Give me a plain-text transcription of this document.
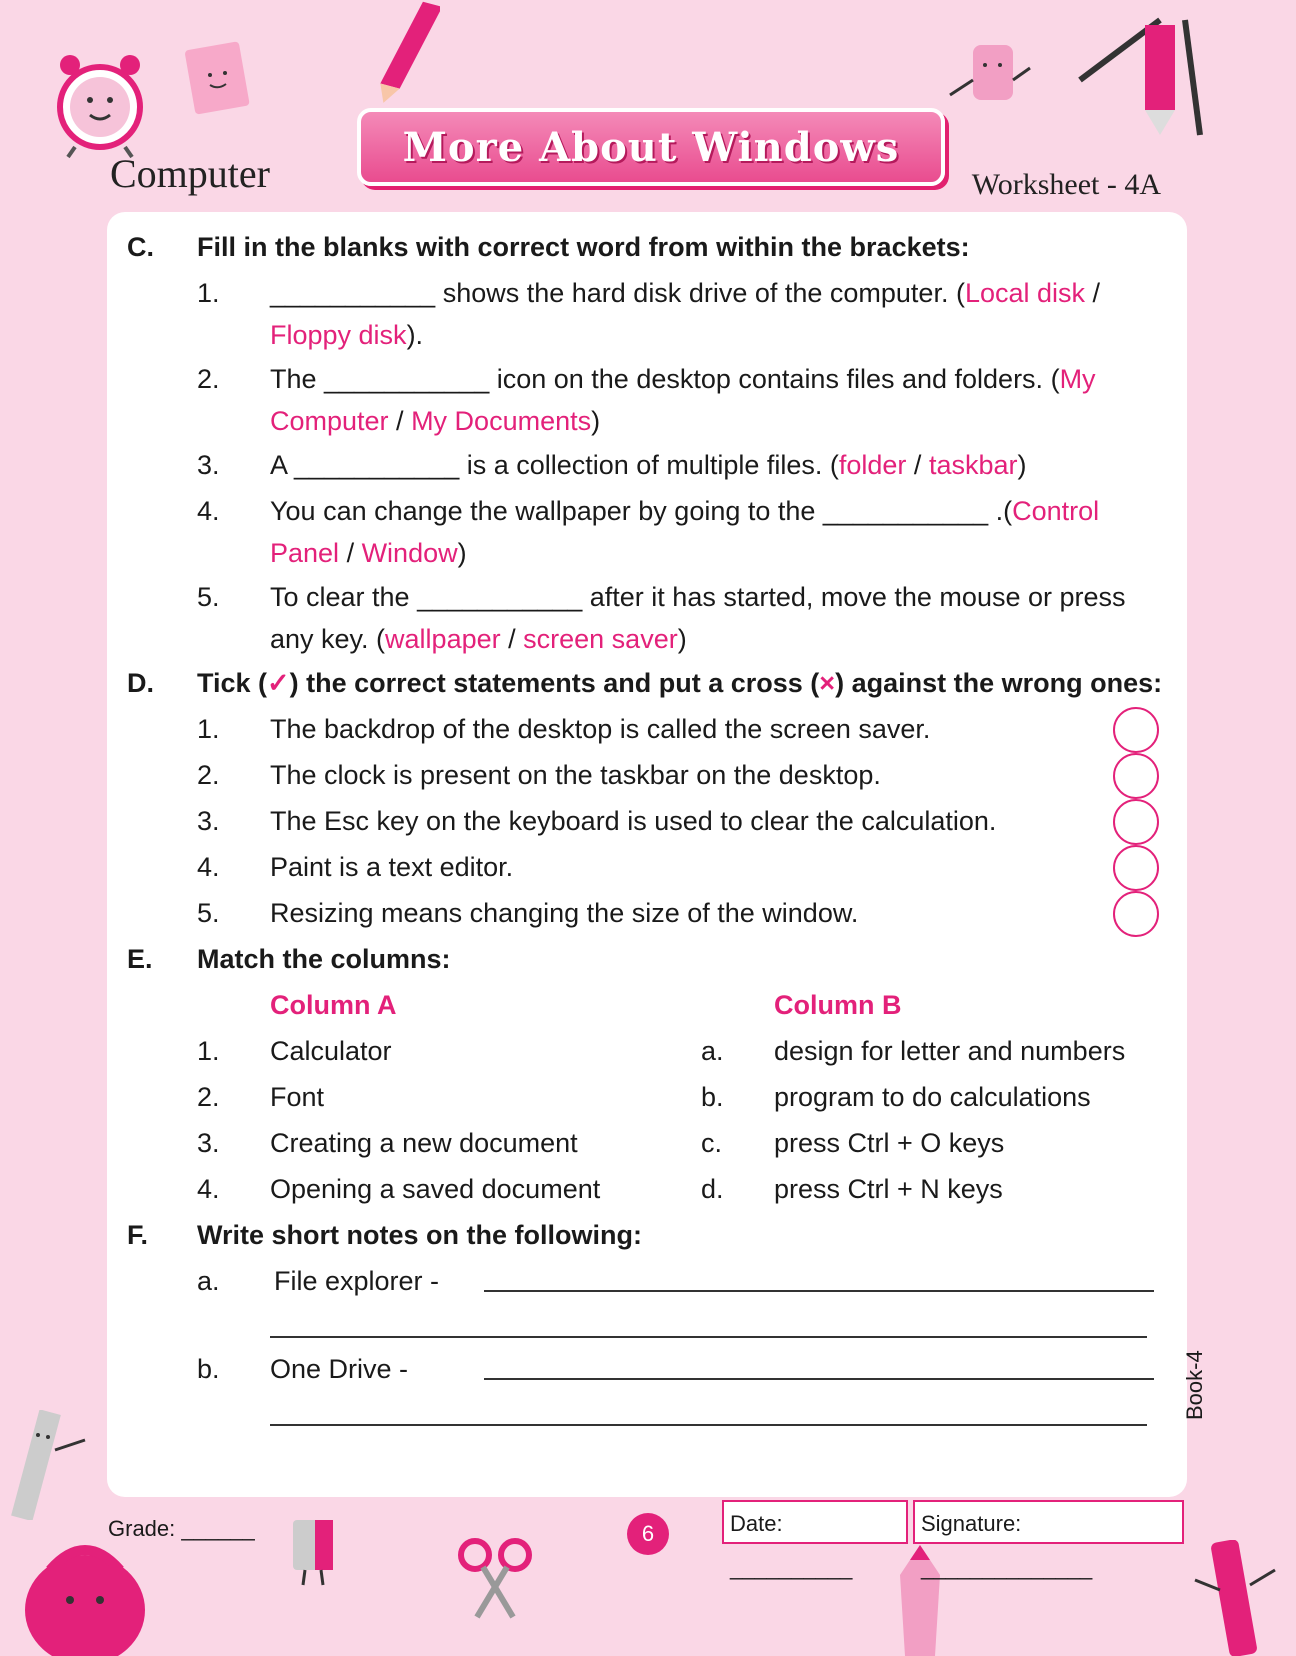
Computer
More About Windows
Worksheet - 4A
C. Fill in the blanks with correct word from within the brackets:
1. ___________ shows the hard disk drive of the computer. (Local disk /
Floppy disk).
2. The ___________ icon on the desktop contains files and folders. (My
Computer / My Documents)
3. A ___________ is a collection of multiple files. (folder / taskbar)
4. You can change the wallpaper by going to the ___________ .(Control
Panel / Window)
5. To clear the ___________ after it has started, move the mouse or press
any key. (wallpaper / screen saver)
D. Tick (✓) the correct statements and put a cross (×) against the wrong ones:
1. The backdrop of the desktop is called the screen saver.
2. The clock is present on the taskbar on the desktop.
3. The Esc key on the keyboard is used to clear the calculation.
4. Paint is a text editor.
5. Resizing means changing the size of the window.
E. Match the columns:
Column A	Column B
1. Calculator	a. design for letter and numbers
2. Font	b. program to do calculations
3. Creating a new document	c. press Ctrl + O keys
4. Opening a saved document	d. press Ctrl + N keys
F. Write short notes on the following:
a. File explorer -
b. One Drive -
Grade: ______	6	Date: __________
Signature: ______________
Book-4
